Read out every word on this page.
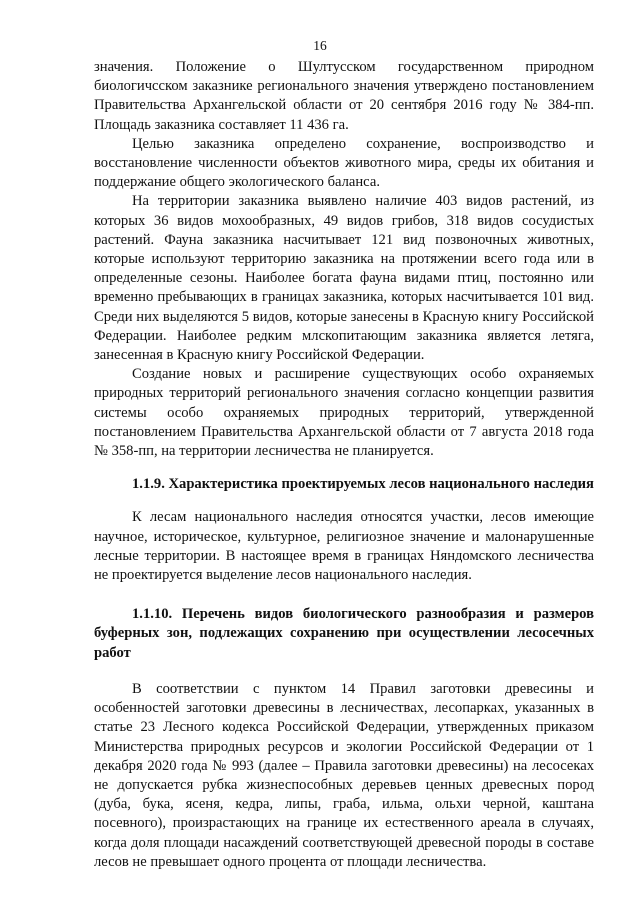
16

значения. Положение о Шултусском государственном природном биологичсском заказнике регионального значения утверждено постановлением Правительства Архангельской области от 20 сентября 2016 году № 384-пп. Площадь заказника составляет 11 436 га.

Целью заказника определено сохранение, воспроизводство и восстановление численности объектов животного мира, среды их обитания и поддержание общего экологического баланса.

На территории заказника выявлено наличие 403 видов растений, из которых 36 видов мохообразных, 49 видов грибов, 318 видов сосудистых растений. Фауна заказника насчитывает 121 вид позвоночных животных, которые используют территорию заказника на протяжении всего года или в определенные сезоны. Наиболее богата фауна видами птиц, постоянно или временно пребывающих в границах заказника, которых насчитывается 101 вид. Среди них выделяются 5 видов, которые занесены в Красную книгу Российской Федерации. Наиболее редким млскопитающим заказника является летяга, занесенная в Красную книгу Российской Федерации.

Создание новых и расширение существующих особо охраняемых природных территорий регионального значения согласно концепции развития системы особо охраняемых природных территорий, утвержденной постановлением Правительства Архангельской области от 7 августа 2018 года № 358-пп, на территории лесничества не планируется.

1.1.9. Характеристика проектируемых лесов национального наследия

К лесам национального наследия относятся участки, лесов имеющие научное, историческое, культурное, религиозное значение и малонарушенные лесные территории. В настоящее время в границах Няндомского лесничества не проектируется выделение лесов национального наследия.

1.1.10. Перечень видов биологического разнообразия и размеров буферных зон, подлежащих сохранению при осуществлении лесосечных работ

В соответствии с пунктом 14 Правил заготовки древесины и особенностей заготовки древесины в лесничествах, лесопарках, указанных в статье 23 Лесного кодекса Российской Федерации, утвержденных приказом Министерства природных ресурсов и экологии Российской Федерации от 1 декабря 2020 года № 993 (далее – Правила заготовки древесины) на лесосеках не допускается рубка жизнеспособных деревьев ценных древесных пород (дуба, бука, ясеня, кедра, липы, граба, ильма, ольхи черной, каштана посевного), произрастающих на границе их естественного ареала в случаях, когда доля площади насаждений соответствующей древесной породы в составе лесов не превышает одного процента от площади лесничества.
